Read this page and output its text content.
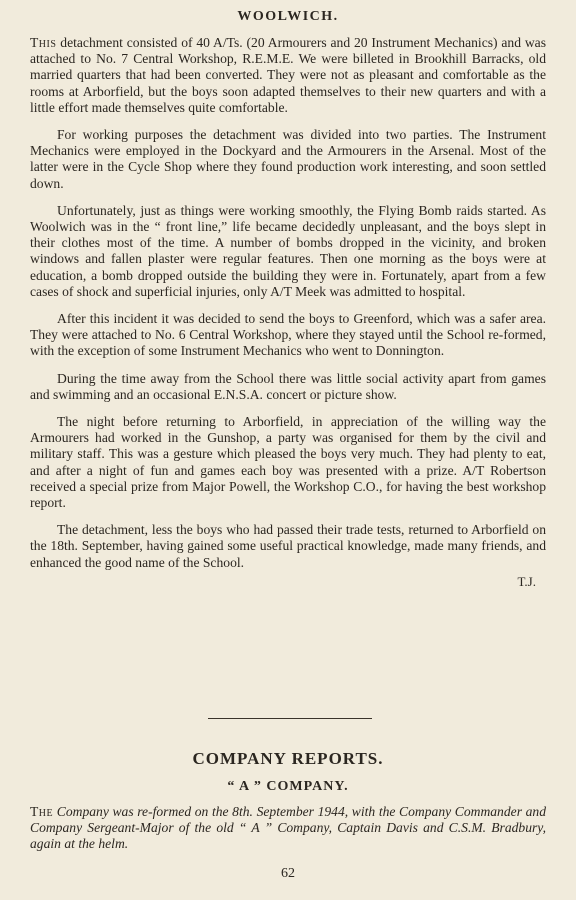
WOOLWICH.

This detachment consisted of 40 A/Ts. (20 Armourers and 20 Instrument Mechanics) and was attached to No. 7 Central Workshop, R.E.M.E. We were billeted in Brookhill Barracks, old married quarters that had been converted. They were not as pleasant and comfortable as the rooms at Arborfield, but the boys soon adapted themselves to their new quarters and with a little effort made themselves quite comfortable.

For working purposes the detachment was divided into two parties. The Instrument Mechanics were employed in the Dockyard and the Armourers in the Arsenal. Most of the latter were in the Cycle Shop where they found production work interesting, and soon settled down.

Unfortunately, just as things were working smoothly, the Flying Bomb raids started. As Woolwich was in the “ front line,” life became decidedly unpleasant, and the boys slept in their clothes most of the time. A number of bombs dropped in the vicinity, and broken windows and fallen plaster were regular features. Then one morning as the boys were at education, a bomb dropped outside the building they were in. Fortunately, apart from a few cases of shock and superficial injuries, only A/T Meek was admitted to hospital.

After this incident it was decided to send the boys to Greenford, which was a safer area. They were attached to No. 6 Central Workshop, where they stayed until the School re-formed, with the exception of some Instrument Mechanics who went to Donnington.

During the time away from the School there was little social activity apart from games and swimming and an occasional E.N.S.A. concert or picture show.

The night before returning to Arborfield, in appreciation of the willing way the Armourers had worked in the Gunshop, a party was organised for them by the civil and military staff. This was a gesture which pleased the boys very much. They had plenty to eat, and after a night of fun and games each boy was presented with a prize. A/T Robertson received a special prize from Major Powell, the Workshop C.O., for having the best workshop report.

The detachment, less the boys who had passed their trade tests, returned to Arborfield on the 18th. September, having gained some useful practical knowledge, made many friends, and enhanced the good name of the School.

T.J.
COMPANY REPORTS.
“ A ” COMPANY.

The Company was re-formed on the 8th. September 1944, with the Company Commander and Company Sergeant-Major of the old “ A ” Company, Captain Davis and C.S.M. Bradbury, again at the helm.

62
